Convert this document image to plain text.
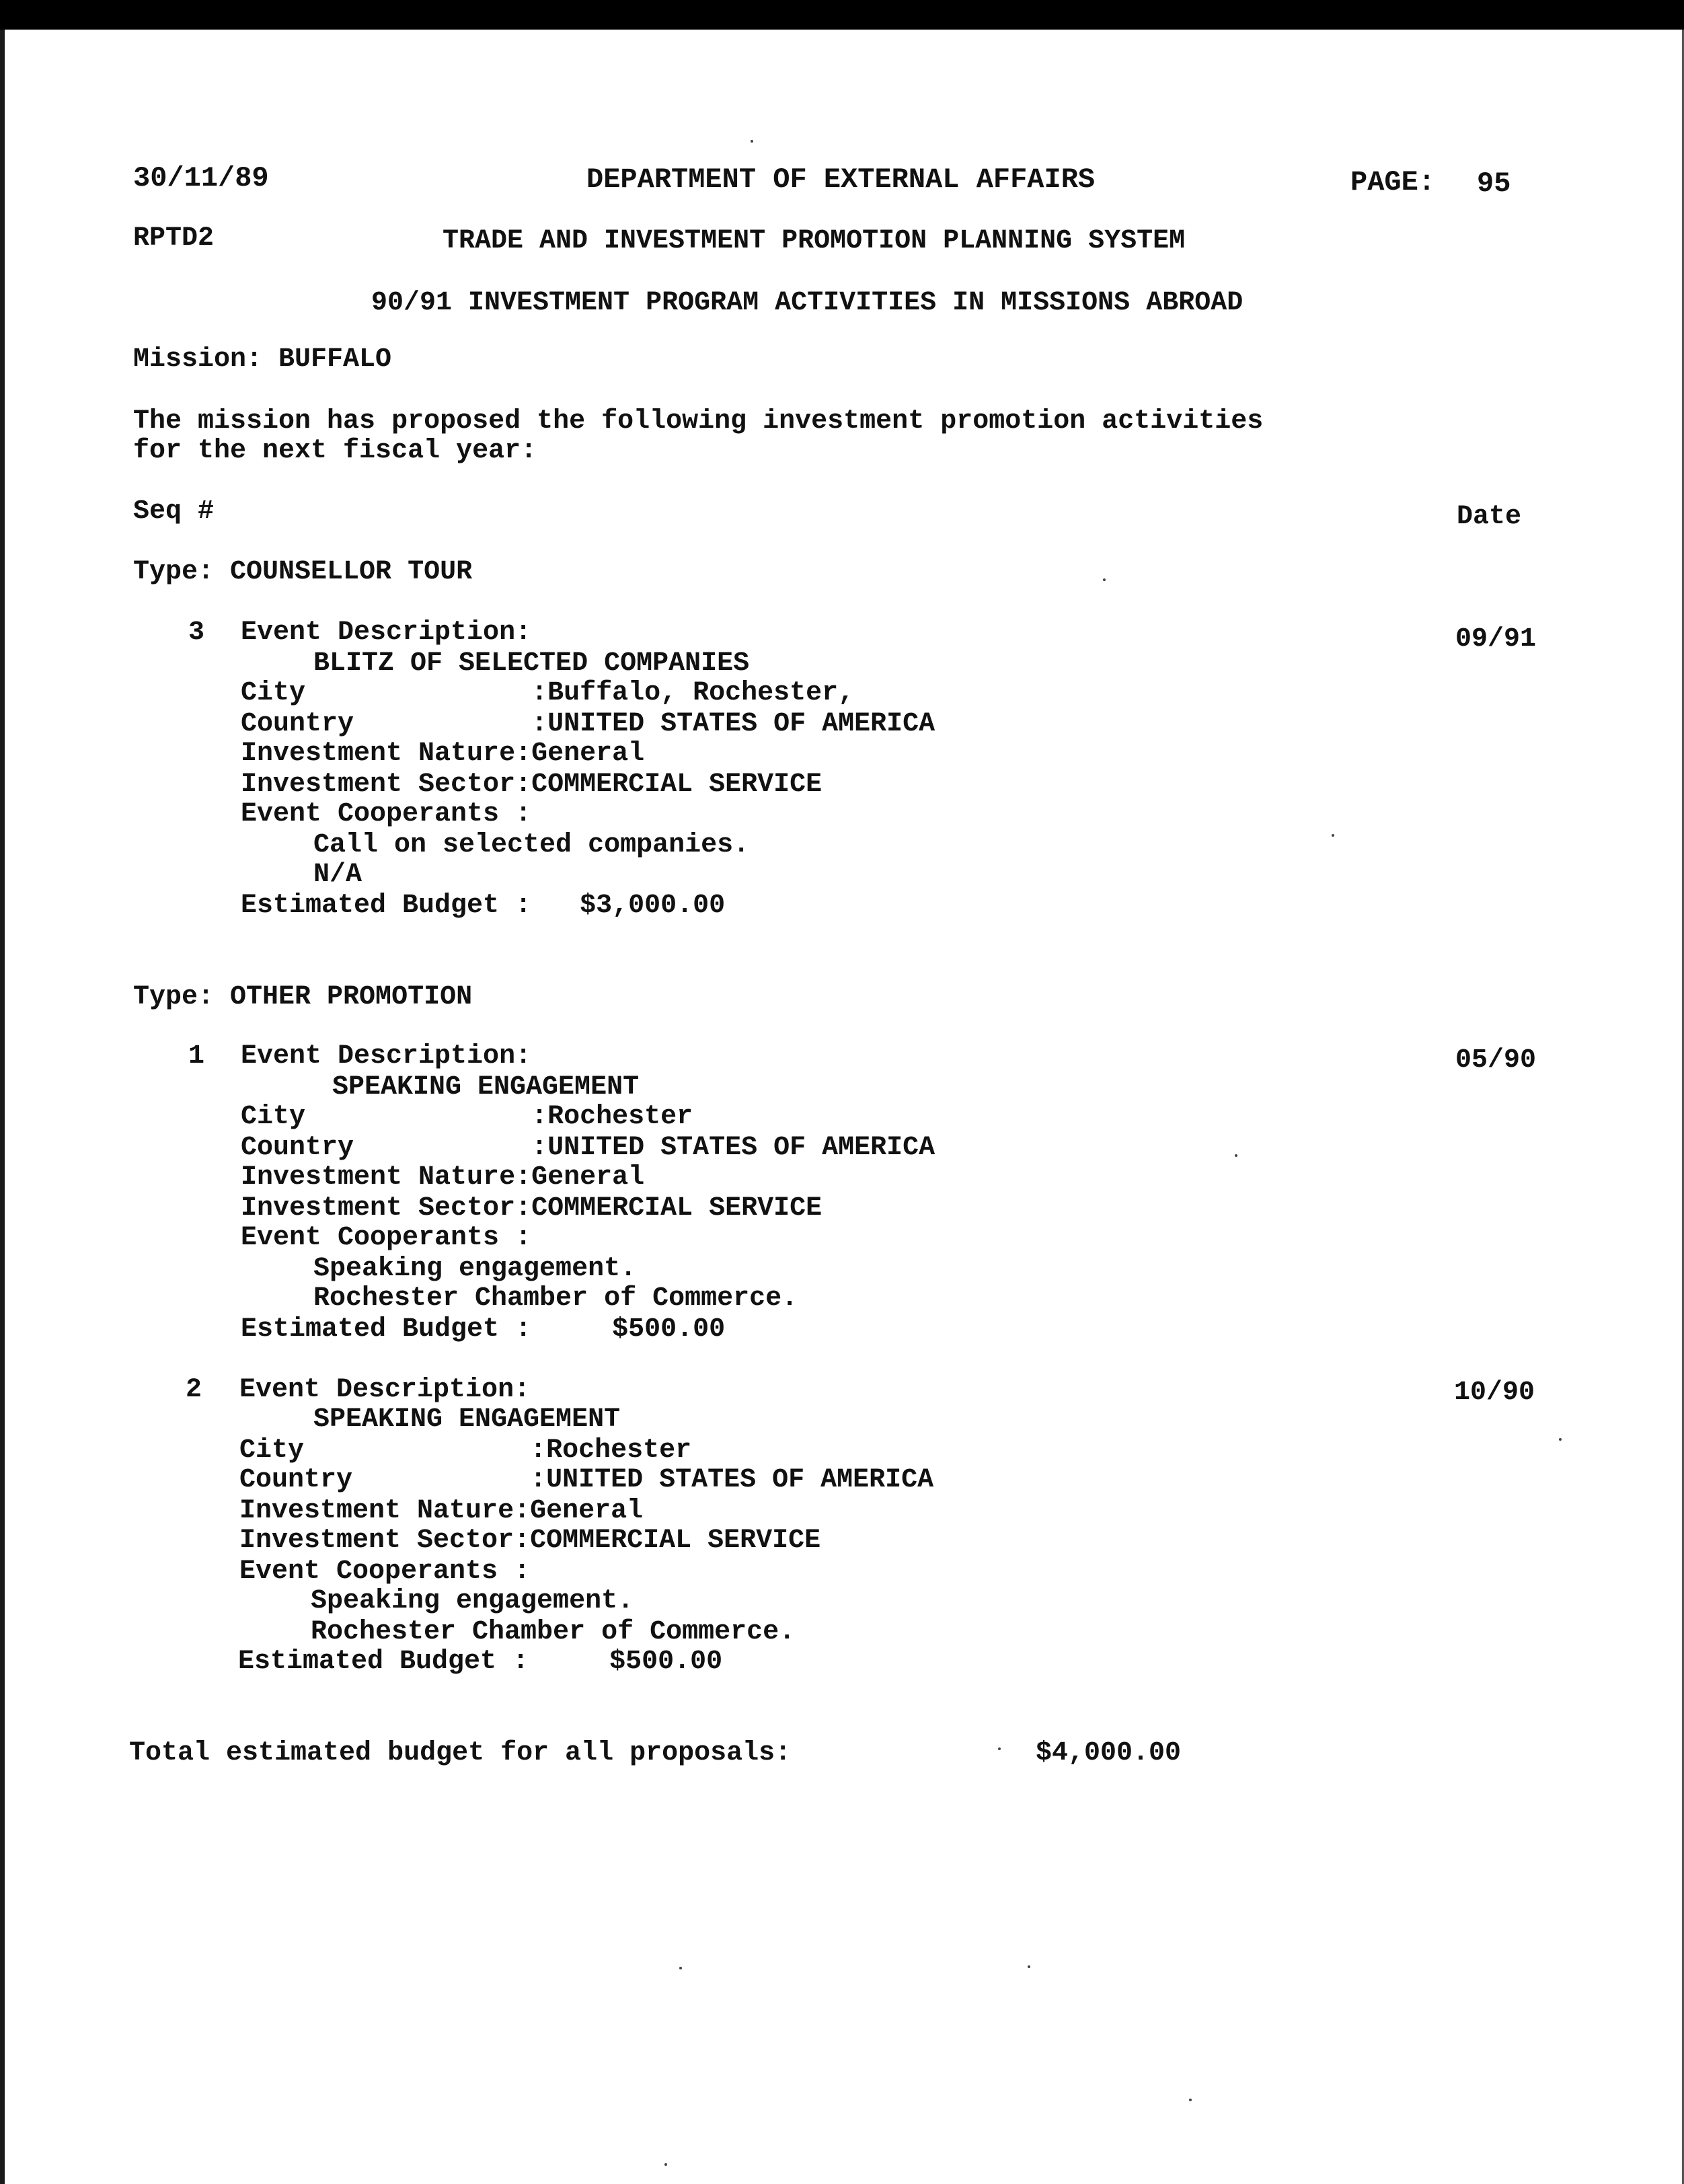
30/11/89	DEPARTMENT OF EXTERNAL AFFAIRS	PAGE: 95
RPTD2	TRADE AND INVESTMENT PROMOTION PLANNING SYSTEM
90/91 INVESTMENT PROGRAM ACTIVITIES IN MISSIONS ABROAD
Mission: BUFFALO
The mission has proposed the following investment promotion activities
for the next fiscal year:
Seq #	Date
Type: COUNSELLOR TOUR
3 Event Description:	09/91
BLITZ OF SELECTED COMPANIES
City              :Buffalo, Rochester,
Country           :UNITED STATES OF AMERICA
Investment Nature:General
Investment Sector:COMMERCIAL SERVICE
Event Cooperants :
Call on selected companies.
N/A
Estimated Budget :   $3,000.00
Type: OTHER PROMOTION
1 Event Description:	05/90
SPEAKING ENGAGEMENT
City              :Rochester
Country           :UNITED STATES OF AMERICA
Investment Nature:General
Investment Sector:COMMERCIAL SERVICE
Event Cooperants :
Speaking engagement.
Rochester Chamber of Commerce.
Estimated Budget :     $500.00
2 Event Description:	10/90
SPEAKING ENGAGEMENT
City              :Rochester
Country           :UNITED STATES OF AMERICA
Investment Nature:General
Investment Sector:COMMERCIAL SERVICE
Event Cooperants :
Speaking engagement.
Rochester Chamber of Commerce.
Estimated Budget :     $500.00
Total estimated budget for all proposals:	$4,000.00
